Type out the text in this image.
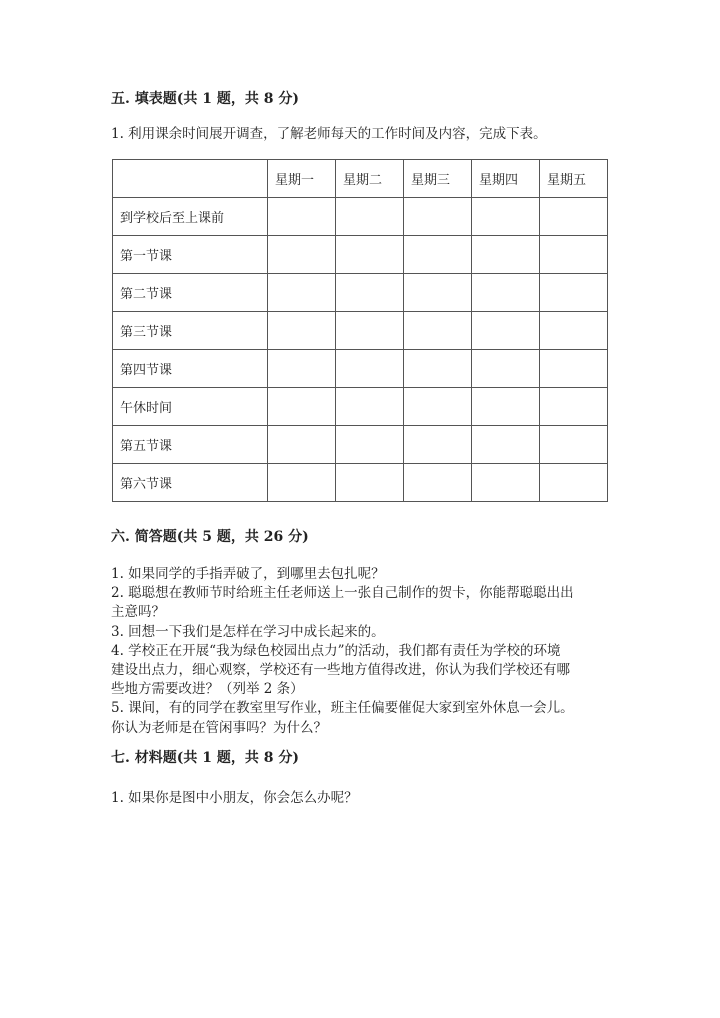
五. 填表题(共 1 题，共 8 分)
1. 利用课余时间展开调查，了解老师每天的工作时间及内容，完成下表。
	星期一	星期二	星期三	星期四	星期五
到学校后至上课前					
第一节课					
第二节课					
第三节课					
第四节课					
午休时间					
第五节课					
第六节课					
六. 简答题(共 5 题，共 26 分)
1. 如果同学的手指弄破了，到哪里去包扎呢？
2. 聪聪想在教师节时给班主任老师送上一张自己制作的贺卡，你能帮聪聪出出
主意吗？
3. 回想一下我们是怎样在学习中成长起来的。
4. 学校正在开展“我为绿色校园出点力”的活动，我们都有责任为学校的环境
建设出点力，细心观察，学校还有一些地方值得改进，你认为我们学校还有哪
些地方需要改进？（列举 2 条）
5. 课间，有的同学在教室里写作业，班主任偏要催促大家到室外休息一会儿。
你认为老师是在管闲事吗？为什么？
七. 材料题(共 1 题，共 8 分)
1. 如果你是图中小朋友，你会怎么办呢？
